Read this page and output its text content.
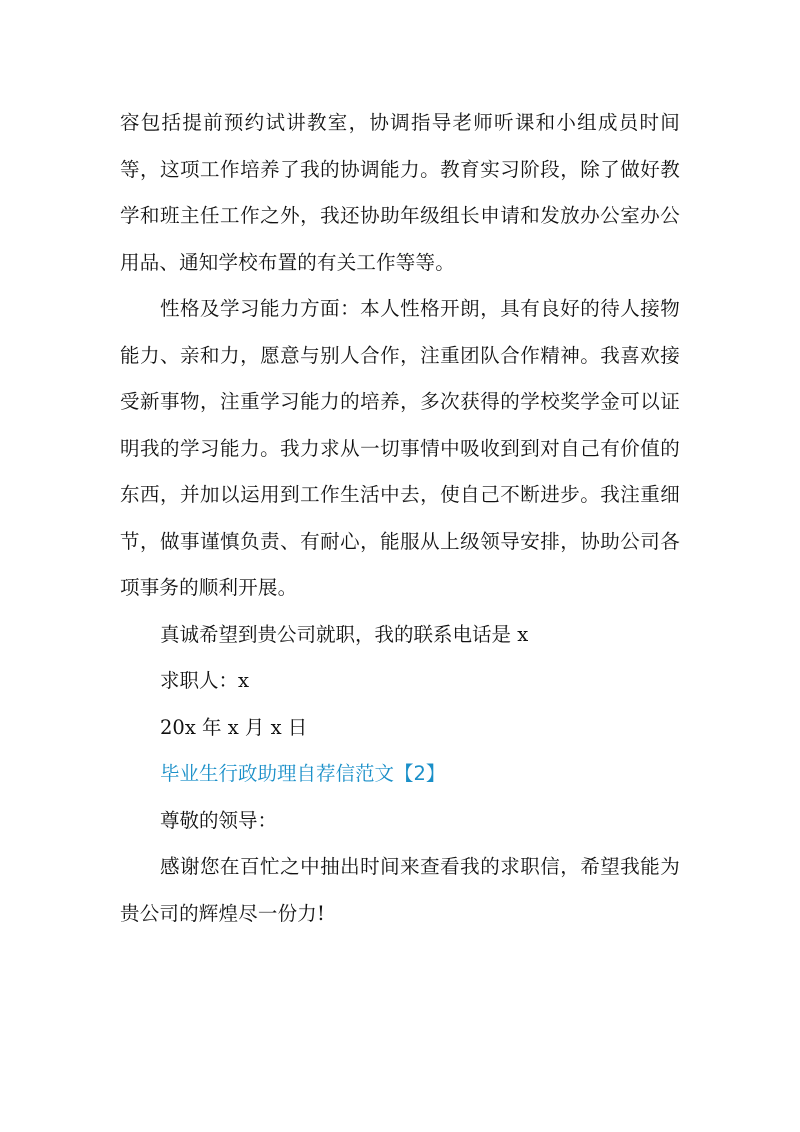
容包括提前预约试讲教室，协调指导老师听课和小组成员时间等，这项工作培养了我的协调能力。教育实习阶段，除了做好教学和班主任工作之外，我还协助年级组长申请和发放办公室办公用品、通知学校布置的有关工作等等。

性格及学习能力方面：本人性格开朗，具有良好的待人接物能力、亲和力，愿意与别人合作，注重团队合作精神。我喜欢接受新事物，注重学习能力的培养，多次获得的学校奖学金可以证明我的学习能力。我力求从一切事情中吸收到到对自己有价值的东西，并加以运用到工作生活中去，使自己不断进步。我注重细节，做事谨慎负责、有耐心，能服从上级领导安排，协助公司各项事务的顺利开展。

真诚希望到贵公司就职，我的联系电话是 x

求职人：x

20x 年 x 月 x 日

毕业生行政助理自荐信范文【2】

尊敬的领导：

感谢您在百忙之中抽出时间来查看我的求职信，希望我能为贵公司的辉煌尽一份力!
